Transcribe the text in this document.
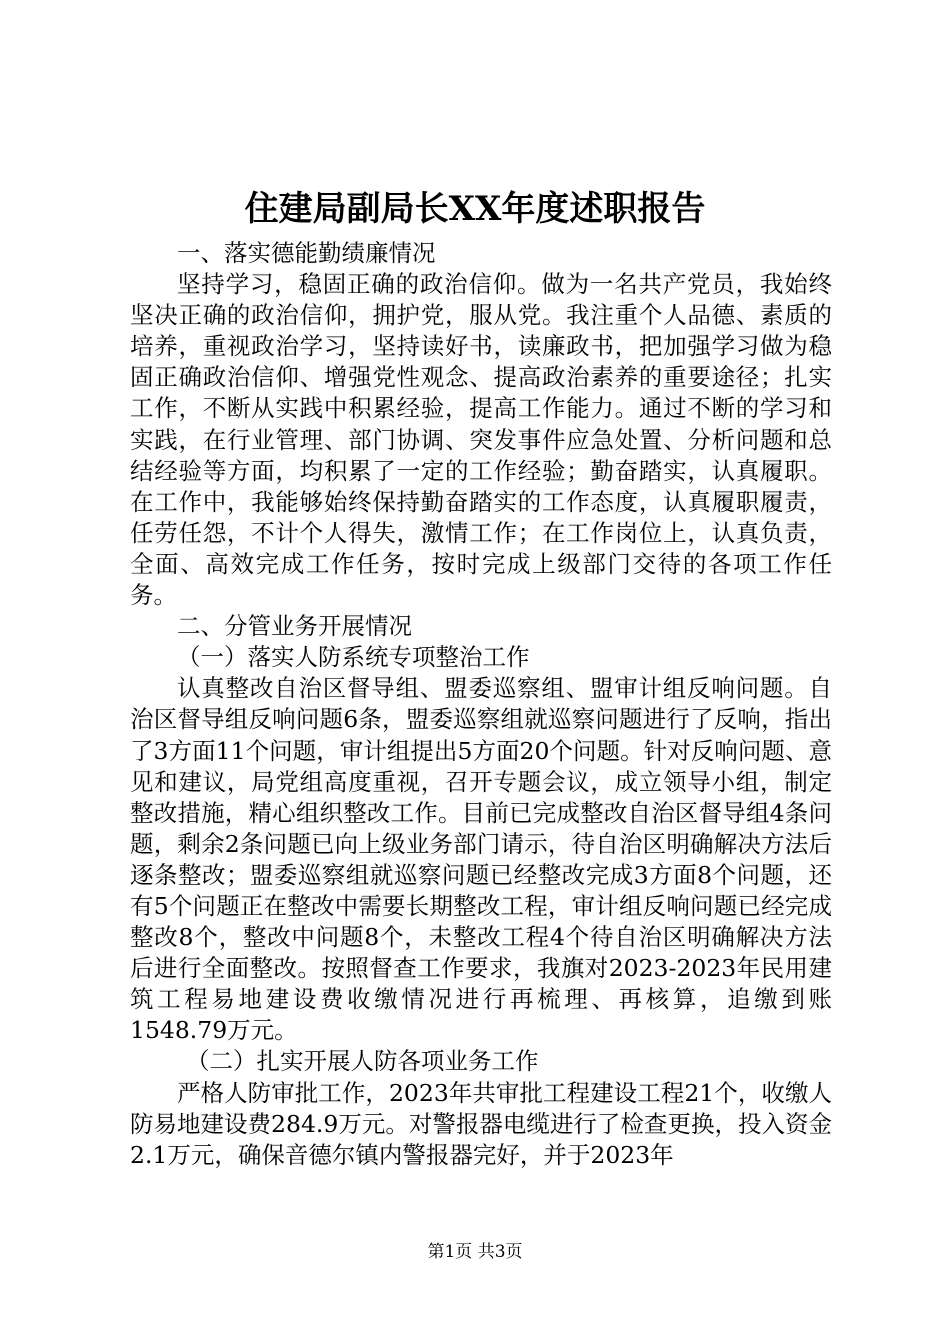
住建局副局长XX年度述职报告

一、落实德能勤绩廉情况

坚持学习，稳固正确的政治信仰。做为一名共产党员，我始终坚决正确的政治信仰，拥护党，服从党。我注重个人品德、素质的培养，重视政治学习，坚持读好书，读廉政书，把加强学习做为稳固正确政治信仰、增强党性观念、提高政治素养的重要途径；扎实工作，不断从实践中积累经验，提高工作能力。通过不断的学习和实践，在行业管理、部门协调、突发事件应急处置、分析问题和总结经验等方面，均积累了一定的工作经验；勤奋踏实，认真履职。在工作中，我能够始终保持勤奋踏实的工作态度，认真履职履责，任劳任怨，不计个人得失，激情工作；在工作岗位上，认真负责，全面、高效完成工作任务，按时完成上级部门交待的各项工作任务。

二、分管业务开展情况

（一）落实人防系统专项整治工作

认真整改自治区督导组、盟委巡察组、盟审计组反响问题。自治区督导组反响问题6条，盟委巡察组就巡察问题进行了反响，指出了3方面11个问题，审计组提出5方面20个问题。针对反响问题、意见和建议，局党组高度重视，召开专题会议，成立领导小组，制定整改措施，精心组织整改工作。目前已完成整改自治区督导组4条问题，剩余2条问题已向上级业务部门请示，待自治区明确解决方法后逐条整改；盟委巡察组就巡察问题已经整改完成3方面8个问题，还有5个问题正在整改中需要长期整改工程，审计组反响问题已经完成整改8个，整改中问题8个，未整改工程4个待自治区明确解决方法后进行全面整改。按照督查工作要求，我旗对2023-2023年民用建筑工程易地建设费收缴情况进行再梳理、再核算，追缴到账1548.79万元。

（二）扎实开展人防各项业务工作

严格人防审批工作，2023年共审批工程建设工程21个，收缴人防易地建设费284.9万元。对警报器电缆进行了检查更换，投入资金2.1万元，确保音德尔镇内警报器完好，并于2023年

第1页 共3页
